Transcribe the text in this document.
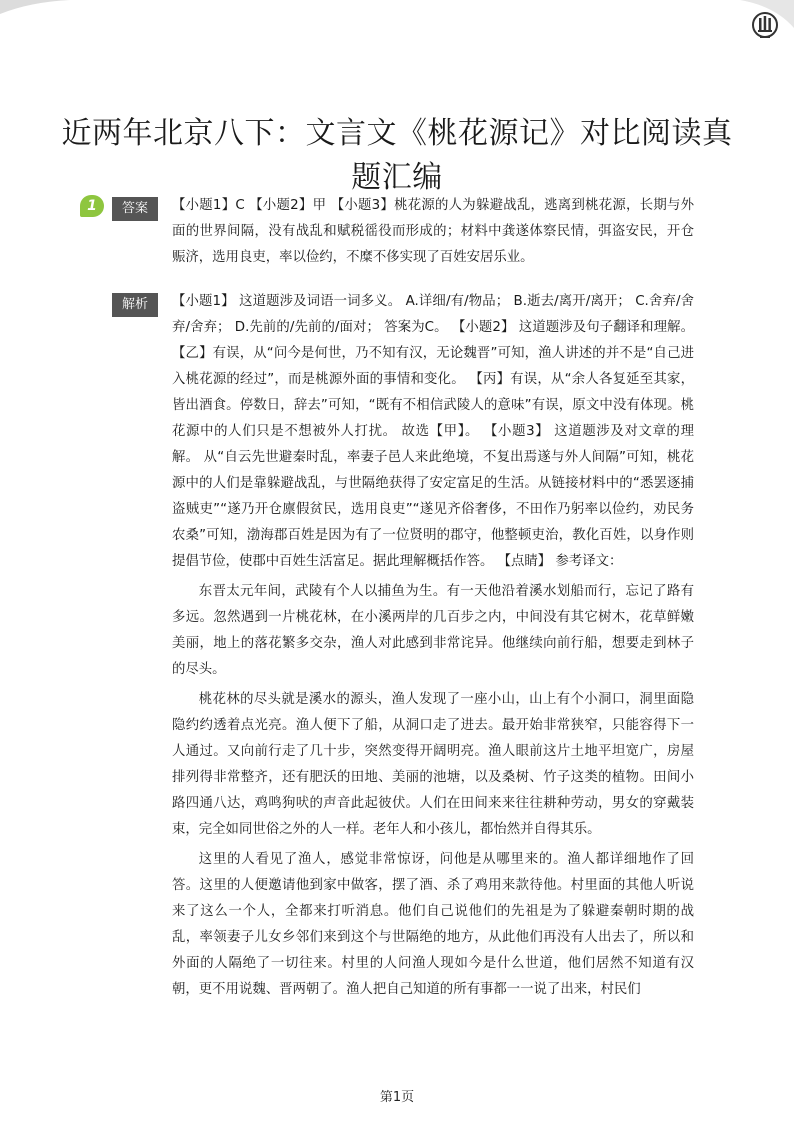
近两年北京八下：文言文《桃花源记》对比阅读真题汇编
1	答案	【小题1】C 【小题2】甲 【小题3】桃花源的人为躲避战乱，逃离到桃花源，长期与外面的世界间隔，没有战乱和赋税徭役而形成的；材料中龚遂体察民情，弭盗安民，开仓赈济，选用良吏，率以俭约，不糜不侈实现了百姓安居乐业。

解析	【小题1】 这道题涉及词语一词多义。 A.详细/有/物品； B.逝去/离开/离开； C.舍弃/舍弃/舍弃； D.先前的/先前的/面对； 答案为C。 【小题2】 这道题涉及句子翻译和理解。 【乙】有误，从“问今是何世，乃不知有汉，无论魏晋”可知，渔人讲述的并不是“自己进入桃花源的经过”，而是桃源外面的事情和变化。 【丙】有误，从“余人各复延至其家，皆出酒食。停数日，辞去”可知，“既有不相信武陵人的意味”有误，原文中没有体现。桃花源中的人们只是不想被外人打扰。 故选【甲】。 【小题3】 这道题涉及对文章的理解。 从“自云先世避秦时乱，率妻子邑人来此绝境，不复出焉遂与外人间隔”可知，桃花源中的人们是靠躲避战乱，与世隔绝获得了安定富足的生活。从链接材料中的“悉罢逐捕盗贼吏”“遂乃开仓廪假贫民，选用良吏”“遂见齐俗奢侈，不田作乃躬率以俭约，劝民务农桑”可知，渤海郡百姓是因为有了一位贤明的郡守，他整顿吏治，教化百姓，以身作则提倡节俭，使郡中百姓生活富足。据此理解概括作答。 【点睛】 参考译文：

东晋太元年间，武陵有个人以捕鱼为生。有一天他沿着溪水划船而行，忘记了路有多远。忽然遇到一片桃花林，在小溪两岸的几百步之内，中间没有其它树木，花草鲜嫩美丽，地上的落花繁多交杂，渔人对此感到非常诧异。他继续向前行船，想要走到林子的尽头。

桃花林的尽头就是溪水的源头，渔人发现了一座小山，山上有个小洞口，洞里面隐隐约约透着点光亮。渔人便下了船，从洞口走了进去。最开始非常狭窄，只能容得下一人通过。又向前行走了几十步，突然变得开阔明亮。渔人眼前这片土地平坦宽广，房屋排列得非常整齐，还有肥沃的田地、美丽的池塘，以及桑树、竹子这类的植物。田间小路四通八达，鸡鸣狗吠的声音此起彼伏。人们在田间来来往往耕种劳动，男女的穿戴装束，完全如同世俗之外的人一样。老年人和小孩儿，都怡然并自得其乐。

这里的人看见了渔人，感觉非常惊讶，问他是从哪里来的。渔人都详细地作了回答。这里的人便邀请他到家中做客，摆了酒、杀了鸡用来款待他。村里面的其他人听说来了这么一个人，全都来打听消息。他们自己说他们的先祖是为了躲避秦朝时期的战乱，率领妻子儿女乡邻们来到这个与世隔绝的地方，从此他们再没有人出去了，所以和外面的人隔绝了一切往来。村里的人问渔人现如今是什么世道，他们居然不知道有汉朝，更不用说魏、晋两朝了。渔人把自己知道的所有事都一一说了出来，村民们

第1页
